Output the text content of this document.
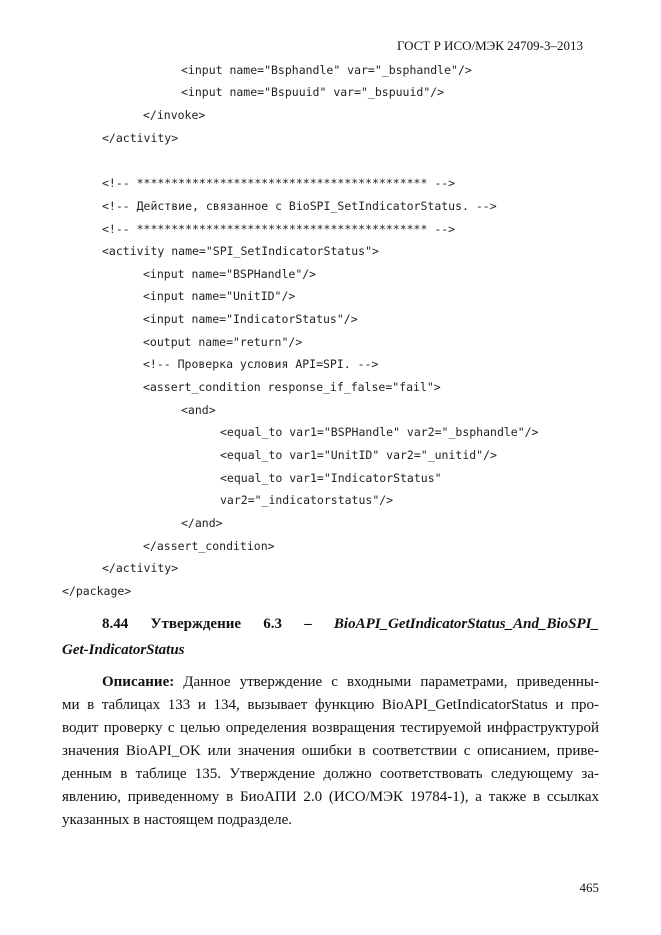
ГОСТ Р ИСО/МЭК 24709-3–2013

<input name="Bsphandle" var="_bsphandle"/>

<input name="Bspuuid" var="_bspuuid"/>

</invoke>

</activity>

<!-- ****************************************** -->

<!-- Действие, связанное с BioSPI_SetIndicatorStatus. -->

<!-- ****************************************** -->

<activity name="SPI_SetIndicatorStatus">

<input name="BSPHandle"/>

<input name="UnitID"/>

<input name="IndicatorStatus"/>

<output name="return"/>

<!-- Проверка условия API=SPI. -->

<assert_condition response_if_false="fail">

<and>

<equal_to var1="BSPHandle" var2="_bsphandle"/>

<equal_to var1="UnitID" var2="_unitid"/>

<equal_to var1="IndicatorStatus"

var2="_indicatorstatus"/>

</and>

</assert_condition>

</activity>

</package>

8.44 Утверждение 6.3 – BioAPI_GetIndicatorStatus_And_BioSPI_
Get-IndicatorStatus
Описание: Данное утверждение с входными параметрами, приведенны-
ми в таблицах 133 и 134, вызывает функцию BioAPI_GetIndicatorStatus и про-
водит проверку с целью определения возвращения тестируемой инфраструктурой
значения BioAPI_OK или значения ошибки в соответствии с описанием, приве-
денным в таблице 135. Утверждение должно соответствовать следующему за-
явлению, приведенному в БиоАПИ 2.0 (ИСО/МЭК 19784-1), а также в ссылках
указанных в настоящем подразделе.
465
